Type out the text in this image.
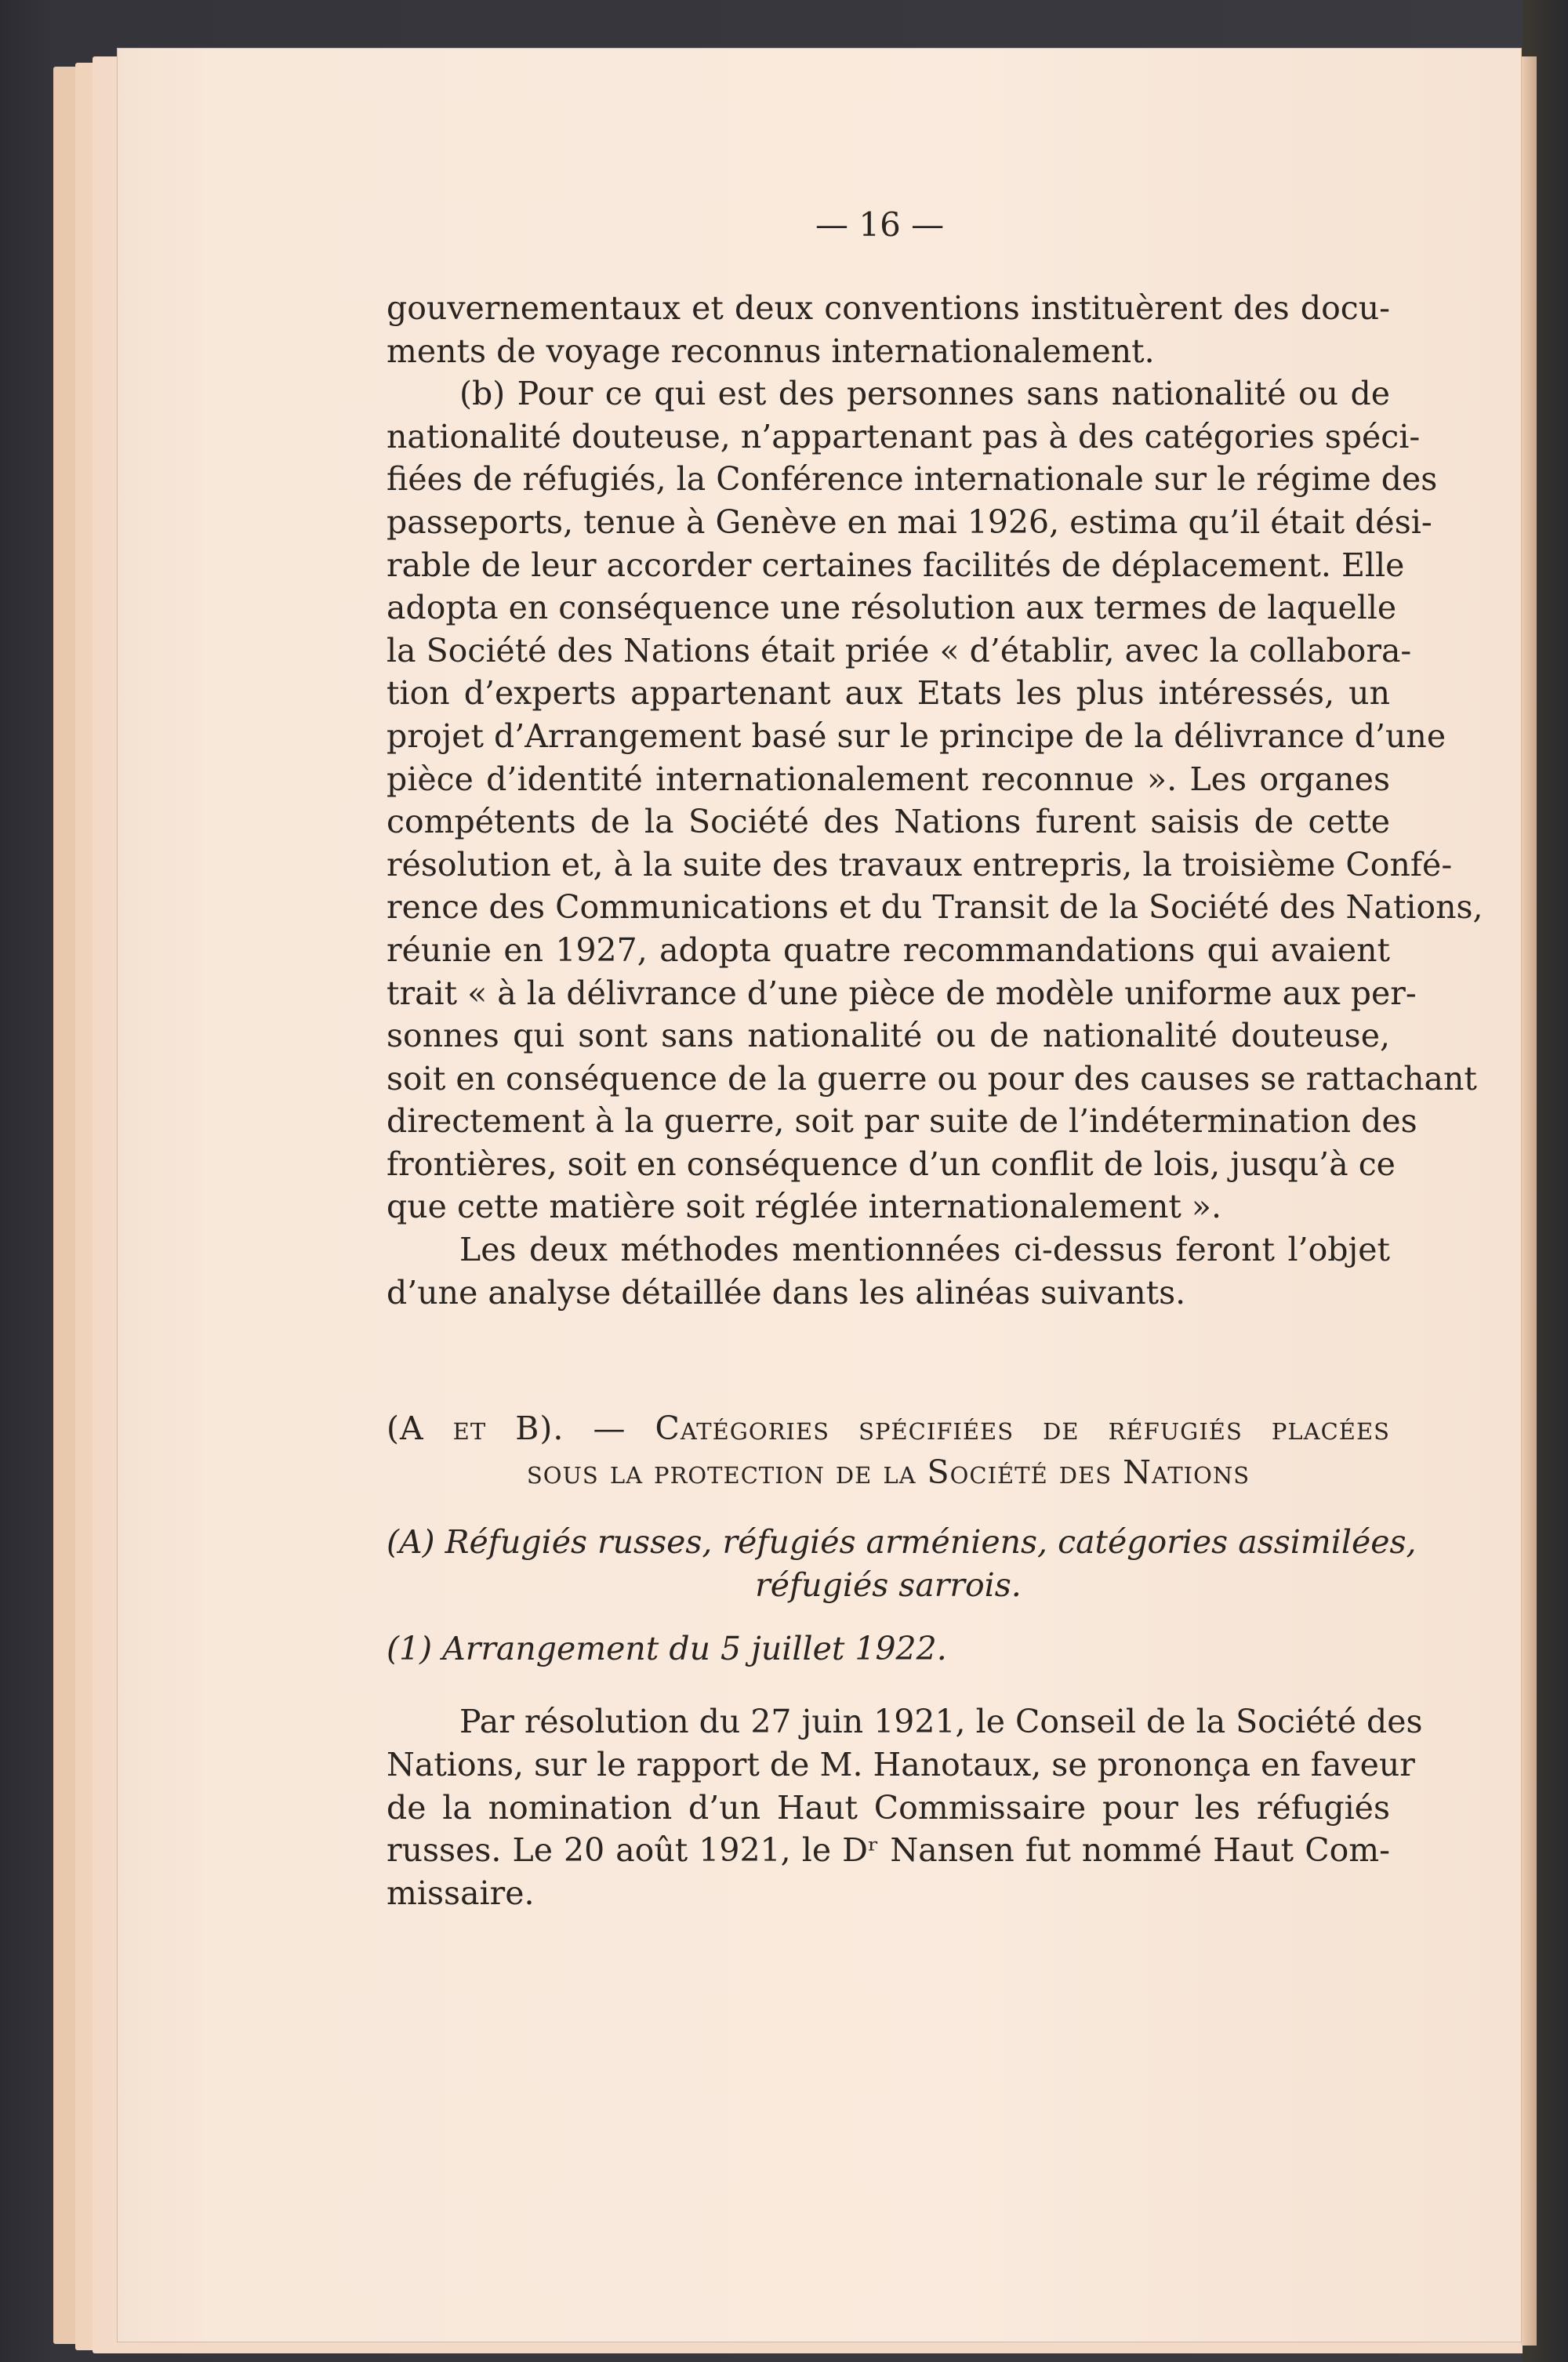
— 16 —
gouvernementaux et deux conventions instituèrent des docu-
ments de voyage reconnus internationalement.
(b) Pour ce qui est des personnes sans nationalité ou de
nationalité douteuse, n’appartenant pas à des catégories spéci-
fiées de réfugiés, la Conférence internationale sur le régime des
passeports, tenue à Genève en mai 1926, estima qu’il était dési-
rable de leur accorder certaines facilités de déplacement. Elle
adopta en conséquence une résolution aux termes de laquelle
la Société des Nations était priée « d’établir, avec la collabora-
tion d’experts appartenant aux Etats les plus intéressés, un
projet d’Arrangement basé sur le principe de la délivrance d’une
pièce d’identité internationalement reconnue ». Les organes
compétents de la Société des Nations furent saisis de cette
résolution et, à la suite des travaux entrepris, la troisième Confé-
rence des Communications et du Transit de la Société des Nations,
réunie en 1927, adopta quatre recommandations qui avaient
trait « à la délivrance d’une pièce de modèle uniforme aux per-
sonnes qui sont sans nationalité ou de nationalité douteuse,
soit en conséquence de la guerre ou pour des causes se rattachant
directement à la guerre, soit par suite de l’indétermination des
frontières, soit en conséquence d’un conflit de lois, jusqu’à ce
que cette matière soit réglée internationalement ».
Les deux méthodes mentionnées ci-dessus feront l’objet
d’une analyse détaillée dans les alinéas suivants.
(A et B). — Catégories spécifiées de réfugiés placées
sous la protection de la Société des Nations
(A) Réfugiés russes, réfugiés arméniens, catégories assimilées,
réfugiés sarrois.
(1) Arrangement du 5 juillet 1922.
Par résolution du 27 juin 1921, le Conseil de la Société des
Nations, sur le rapport de M. Hanotaux, se prononça en faveur
de la nomination d’un Haut Commissaire pour les réfugiés
russes. Le 20 août 1921, le Dʳ Nansen fut nommé Haut Com-
missaire.
